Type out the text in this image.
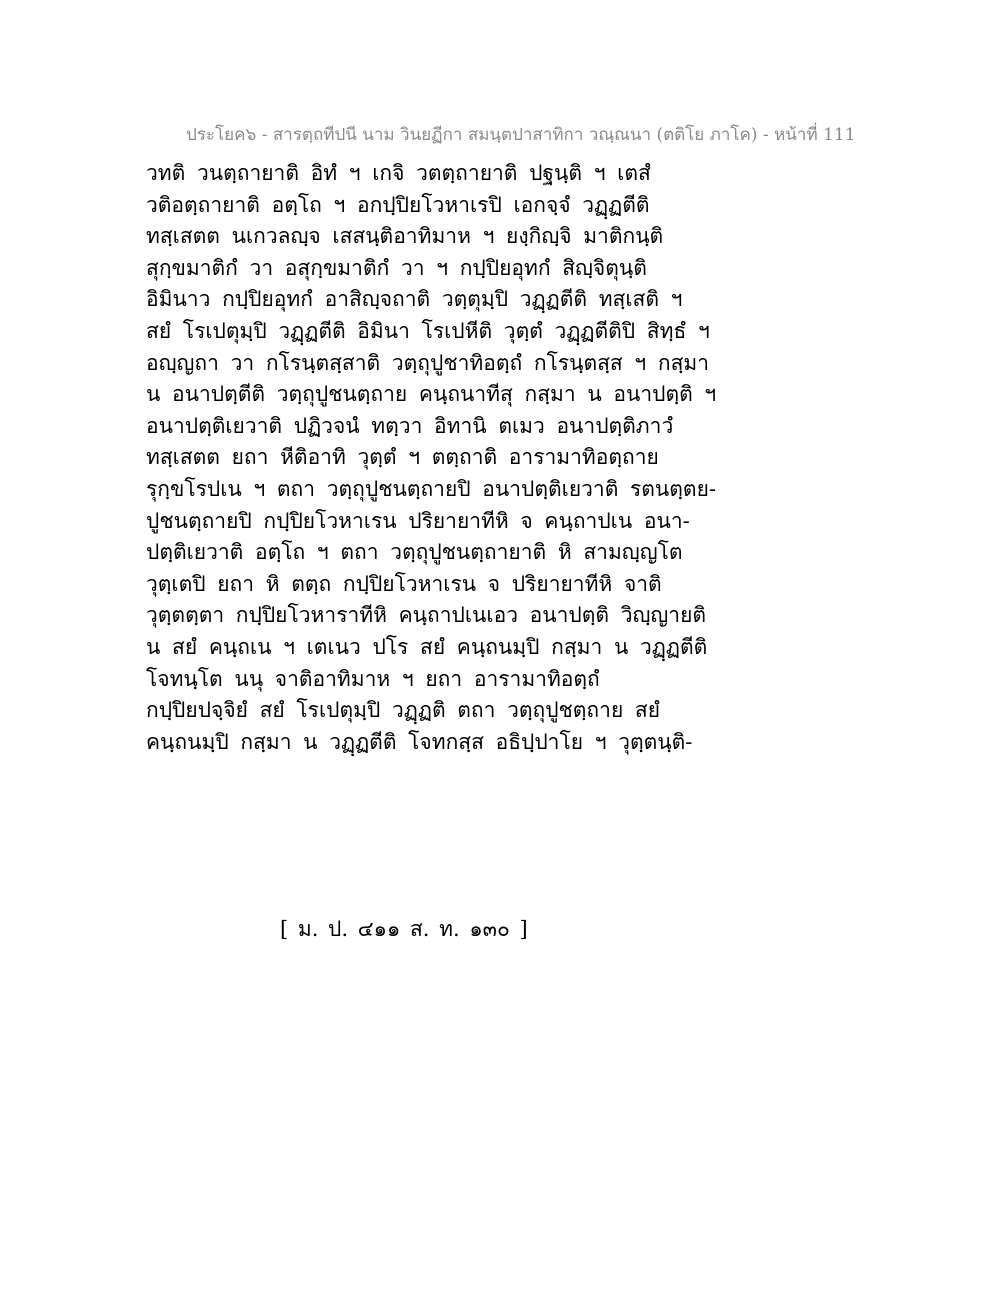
ประโยค๖ - สารตฺถทีปนี นาม วินยฏีกา สมนฺตปาสาทิกา วณฺณนา (ตติโย ภาโค) - หน้าที่ 111
วทติ วนตฺถายาติ อิทํ ฯ เกจิ วตตฺถายาติ ปฐนฺติ ฯ เตสํ
วติอตฺถายาติ อตฺโถ ฯ อกปฺปิยโวหาเรปิ เอกจฺจํ วฏฺฏตีติ
ทสฺเสตต นเกวลญฺจ เสสนฺติอาทิมาห ฯ ยงฺกิญฺจิ มาติกนฺติ
สุกฺขมาติกํ วา อสุกฺขมาติกํ วา ฯ กปฺปิยอุทกํ สิญฺจิตุนฺติ
อิมินาว กปฺปิยอุทกํ อาสิญฺจถาติ วตฺตุมฺปิ วฏฺฏตีติ ทสฺเสติ ฯ
สยํ โรเปตุมฺปิ วฏฺฏตีติ อิมินา โรเปหีติ วุตฺตํ วฏฺฏตีติปิ สิทฺธํ ฯ
อญฺญถา วา กโรนฺตสฺสาติ วตฺถุปูชาทิอตฺถํ กโรนฺตสฺส ฯ กสฺมา
น อนาปตฺตีติ วตฺถุปูชนตฺถาย คนฺถนาทีสุ กสฺมา น อนาปตฺติ ฯ
อนาปตฺติเยวาติ ปฏิวจนํ ทตฺวา อิทานิ ตเมว อนาปตฺติภาวํ
ทสฺเสตต ยถา หีติอาทิ วุตฺตํ ฯ ตตฺถาติ อารามาทิอตฺถาย
รุกฺขโรปเน ฯ ตถา วตฺถุปูชนตฺถายปิ อนาปตฺติเยวาติ รตนตฺตย-
ปูชนตฺถายปิ กปฺปิยโวหาเรน ปริยายาทีหิ จ คนฺถาปเน อนา-
ปตฺติเยวาติ อตฺโถ ฯ ตถา วตฺถุปูชนตฺถายาติ หิ สามญฺญโต
วุตฺเตปิ ยถา หิ ตตฺถ กปฺปิยโวหาเรน จ ปริยายาทีหิ จาติ
วุตฺตตฺตา กปฺปิยโวหาราทีหิ คนฺถาปเนเอว อนาปตฺติ วิญฺญายติ
น สยํ คนฺถเน ฯ เตเนว ปโร สยํ คนฺถนมฺปิ กสฺมา น วฏฺฏตีติ
โจทนฺโต นนุ จาติอาทิมาห ฯ ยถา อารามาทิอตฺถํ
กปฺปิยปจฺจิยํ สยํ โรเปตุมฺปิ วฏฺฏติ ตถา วตฺถุปูชตฺถาย สยํ
คนฺถนมฺปิ กสฺมา น วฏฺฏตีติ โจทกสฺส อธิปฺปาโย ฯ วุตฺตนฺติ-
[ ม. ป. ๔๑๑ ส. ท. ๑๓๐ ]
